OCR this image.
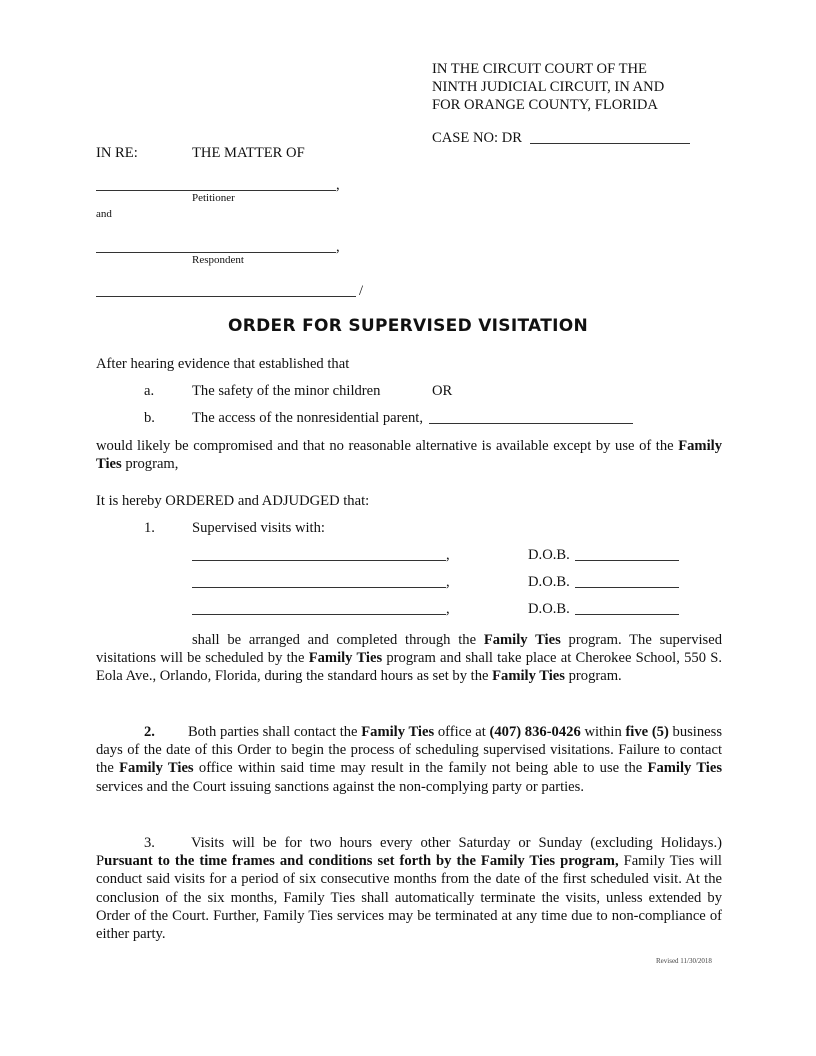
IN THE CIRCUIT COURT OF THE
NINTH JUDICIAL CIRCUIT, IN AND
FOR ORANGE COUNTY, FLORIDA
CASE NO: DR
IN RE:	THE MATTER OF
,
Petitioner
and
,
Respondent
/
ORDER FOR SUPERVISED VISITATION
After hearing evidence that established that
a.	The safety of the minor children	OR
b.	The access of the nonresidential parent,
would likely be compromised and that no reasonable alternative is available except by use of the Family Ties program,
It is hereby ORDERED and ADJUDGED that:
1.	Supervised visits with:
,	D.O.B.
,	D.O.B.
,	D.O.B.
shall be arranged and completed through the Family Ties program. The supervised visitations will be scheduled by the Family Ties program and shall take place at Cherokee School, 550 S. Eola Ave., Orlando, Florida, during the standard hours as set by the Family Ties program.
2. Both parties shall contact the Family Ties office at (407) 836-0426 within five (5) business days of the date of this Order to begin the process of scheduling supervised visitations. Failure to contact the Family Ties office within said time may result in the family not being able to use the Family Ties services and the Court issuing sanctions against the non-complying party or parties.
3. Visits will be for two hours every other Saturday or Sunday (excluding Holidays.) Pursuant to the time frames and conditions set forth by the Family Ties program, Family Ties will conduct said visits for a period of six consecutive months from the date of the first scheduled visit. At the conclusion of the six months, Family Ties shall automatically terminate the visits, unless extended by Order of the Court. Further, Family Ties services may be terminated at any time due to non-compliance of either party.
Revised 11/30/2018
